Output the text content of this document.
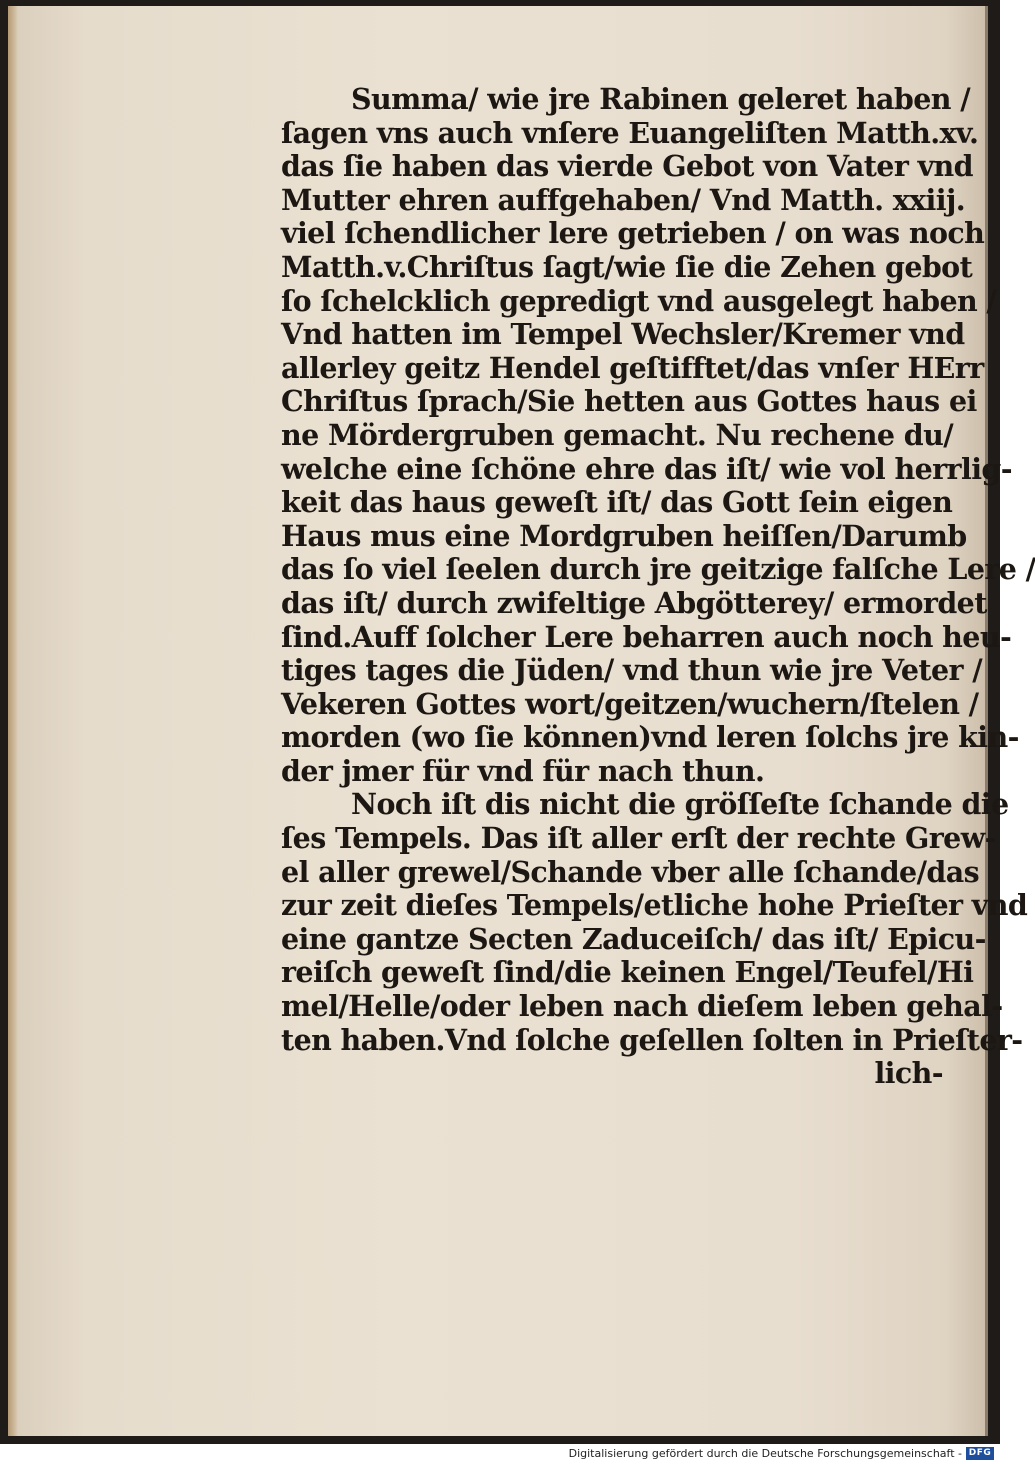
Summa/ wie jre Rabinen geleret haben /
ſagen vns auch vnſere Euangeliſten Matth.xv.
das ſie haben das vierde Gebot von Vater vnd
Mutter ehren auffgehaben/ Vnd Matth. xxiij.
viel ſchendlicher lere getrieben / on was noch
Matth.v.Chriſtus ſagt/wie ſie die Zehen gebot
ſo ſchelcklich gepredigt vnd ausgelegt haben /
Vnd hatten im Tempel Wechsler/Kremer vnd
allerley geitz Hendel geſtifftet/das vnſer HErr
Chriſtus ſprach/Sie hetten aus Gottes haus ei
ne Mördergruben gemacht. Nu rechene du/
welche eine ſchöne ehre das iſt/ wie vol herrlig-
keit das haus geweſt iſt/ das Gott ſein eigen
Haus mus eine Mordgruben heiſſen/Darumb
das ſo viel ſeelen durch jre geitzige falſche Lere /
das iſt/ durch zwifeltige Abgötterey/ ermordet
ſind.Auff ſolcher Lere beharren auch noch heu-
tiges tages die Jüden/ vnd thun wie jre Veter /
Vekeren Gottes wort/geitzen/wuchern/ſtelen /
morden (wo ſie können)vnd leren ſolchs jre kin-
der jmer für vnd für nach thun.
Noch iſt dis nicht die gröſſeſte ſchande die
ſes Tempels. Das iſt aller erſt der rechte Grew-
el aller grewel/Schande vber alle ſchande/das
zur zeit dieſes Tempels/etliche hohe Prieſter vnd
eine gantze Secten Zaduceiſch/ das iſt/ Epicu-
reiſch geweſt ſind/die keinen Engel/Teufel/Hi
mel/Helle/oder leben nach dieſem leben gehal-
ten haben.Vnd ſolche geſellen ſolten in Prieſter-
lich-
Digitalisierung gefördert durch die Deutsche Forschungsgemeinschaft - DFG
